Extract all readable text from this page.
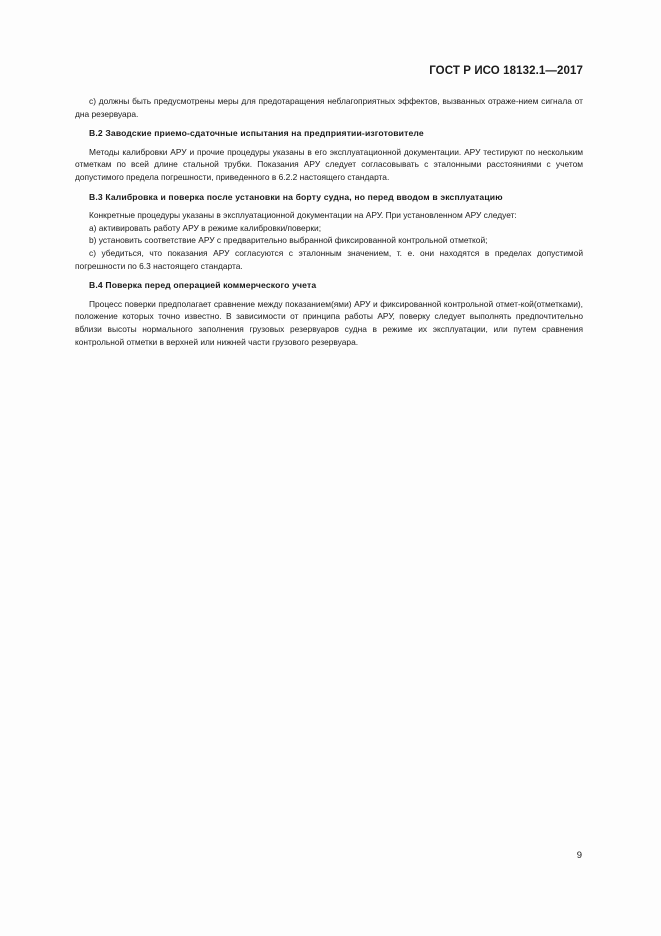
ГОСТ Р ИСО 18132.1—2017

c) должны быть предусмотрены меры для предотаращения неблагоприятных эффектов, вызванных отраже-нием сигнала от дна резервуара.

В.2 Заводские приемо-сдаточные испытания на предприятии-изготовителе

Методы калибровки АРУ и прочие процедуры указаны в его эксплуатационной документации. АРУ тестируют по нескольким отметкам по всей длине стальной трубки. Показания АРУ следует согласовывать с эталонными расстояниями с учетом допустимого предела погрешности, приведенного в 6.2.2 настоящего стандарта.

В.3 Калибровка и поверка после установки на борту судна, но перед вводом в эксплуатацию

Конкретные процедуры указаны в эксплуатационной документации на АРУ. При установленном АРУ следует:

a) активировать работу АРУ в режиме калибровки/поверки;

b) установить соответствие АРУ с предварительно выбранной фиксированной контрольной отметкой;

c) убедиться, что показания АРУ согласуются с эталонным значением, т. е. они находятся в пределах допустимой погрешности по 6.3 настоящего стандарта.

В.4 Поверка перед операцией коммерческого учета

Процесс поверки предполагает сравнение между показанием(ями) АРУ и фиксированной контрольной отмет-кой(отметками), положение которых точно известно. В зависимости от принципа работы АРУ, поверку следует выполнять предпочтительно вблизи высоты нормального заполнения грузовых резервуаров судна в режиме их эксплуатации, или путем сравнения контрольной отметки в верхней или нижней части грузового резервуара.

9
